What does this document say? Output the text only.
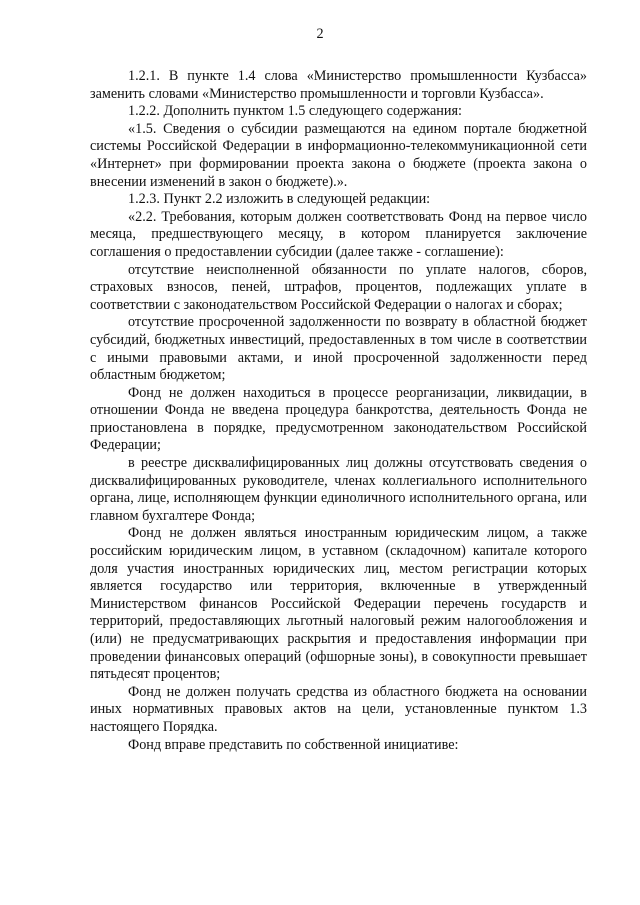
2

1.2.1. В пункте 1.4 слова «Министерство промышленности Кузбасса» заменить словами «Министерство промышленности и торговли Кузбасса».

1.2.2. Дополнить пунктом 1.5 следующего содержания:

«1.5. Сведения о субсидии размещаются на едином портале бюджетной системы Российской Федерации в информационно-телекоммуникационной сети «Интернет» при формировании проекта закона о бюджете (проекта закона о внесении изменений в закон о бюджете).».

1.2.3. Пункт 2.2 изложить в следующей редакции:

«2.2. Требования, которым должен соответствовать Фонд на первое число месяца, предшествующего месяцу, в котором планируется заключение соглашения о предоставлении субсидии (далее также - соглашение):

отсутствие неисполненной обязанности по уплате налогов, сборов, страховых взносов, пеней, штрафов, процентов, подлежащих уплате в соответствии с законодательством Российской Федерации о налогах и сборах;

отсутствие просроченной задолженности по возврату в областной бюджет субсидий, бюджетных инвестиций, предоставленных в том числе в соответствии с иными правовыми актами, и иной просроченной задолженности перед областным бюджетом;

Фонд не должен находиться в процессе реорганизации, ликвидации, в отношении Фонда не введена процедура банкротства, деятельность Фонда не приостановлена в порядке, предусмотренном законодательством Российской Федерации;

в реестре дисквалифицированных лиц должны отсутствовать сведения о дисквалифицированных руководителе, членах коллегиального исполнительного органа, лице, исполняющем функции единоличного исполнительного органа, или главном бухгалтере Фонда;

Фонд не должен являться иностранным юридическим лицом, а также российским юридическим лицом, в уставном (складочном) капитале которого доля участия иностранных юридических лиц, местом регистрации которых является государство или территория, включенные в утвержденный Министерством финансов Российской Федерации перечень государств и территорий, предоставляющих льготный налоговый режим налогообложения и (или) не предусматривающих раскрытия и предоставления информации при проведении финансовых операций (офшорные зоны), в совокупности превышает пятьдесят процентов;

Фонд не должен получать средства из областного бюджета на основании иных нормативных правовых актов на цели, установленные пунктом 1.3 настоящего Порядка.

Фонд вправе представить по собственной инициативе:
